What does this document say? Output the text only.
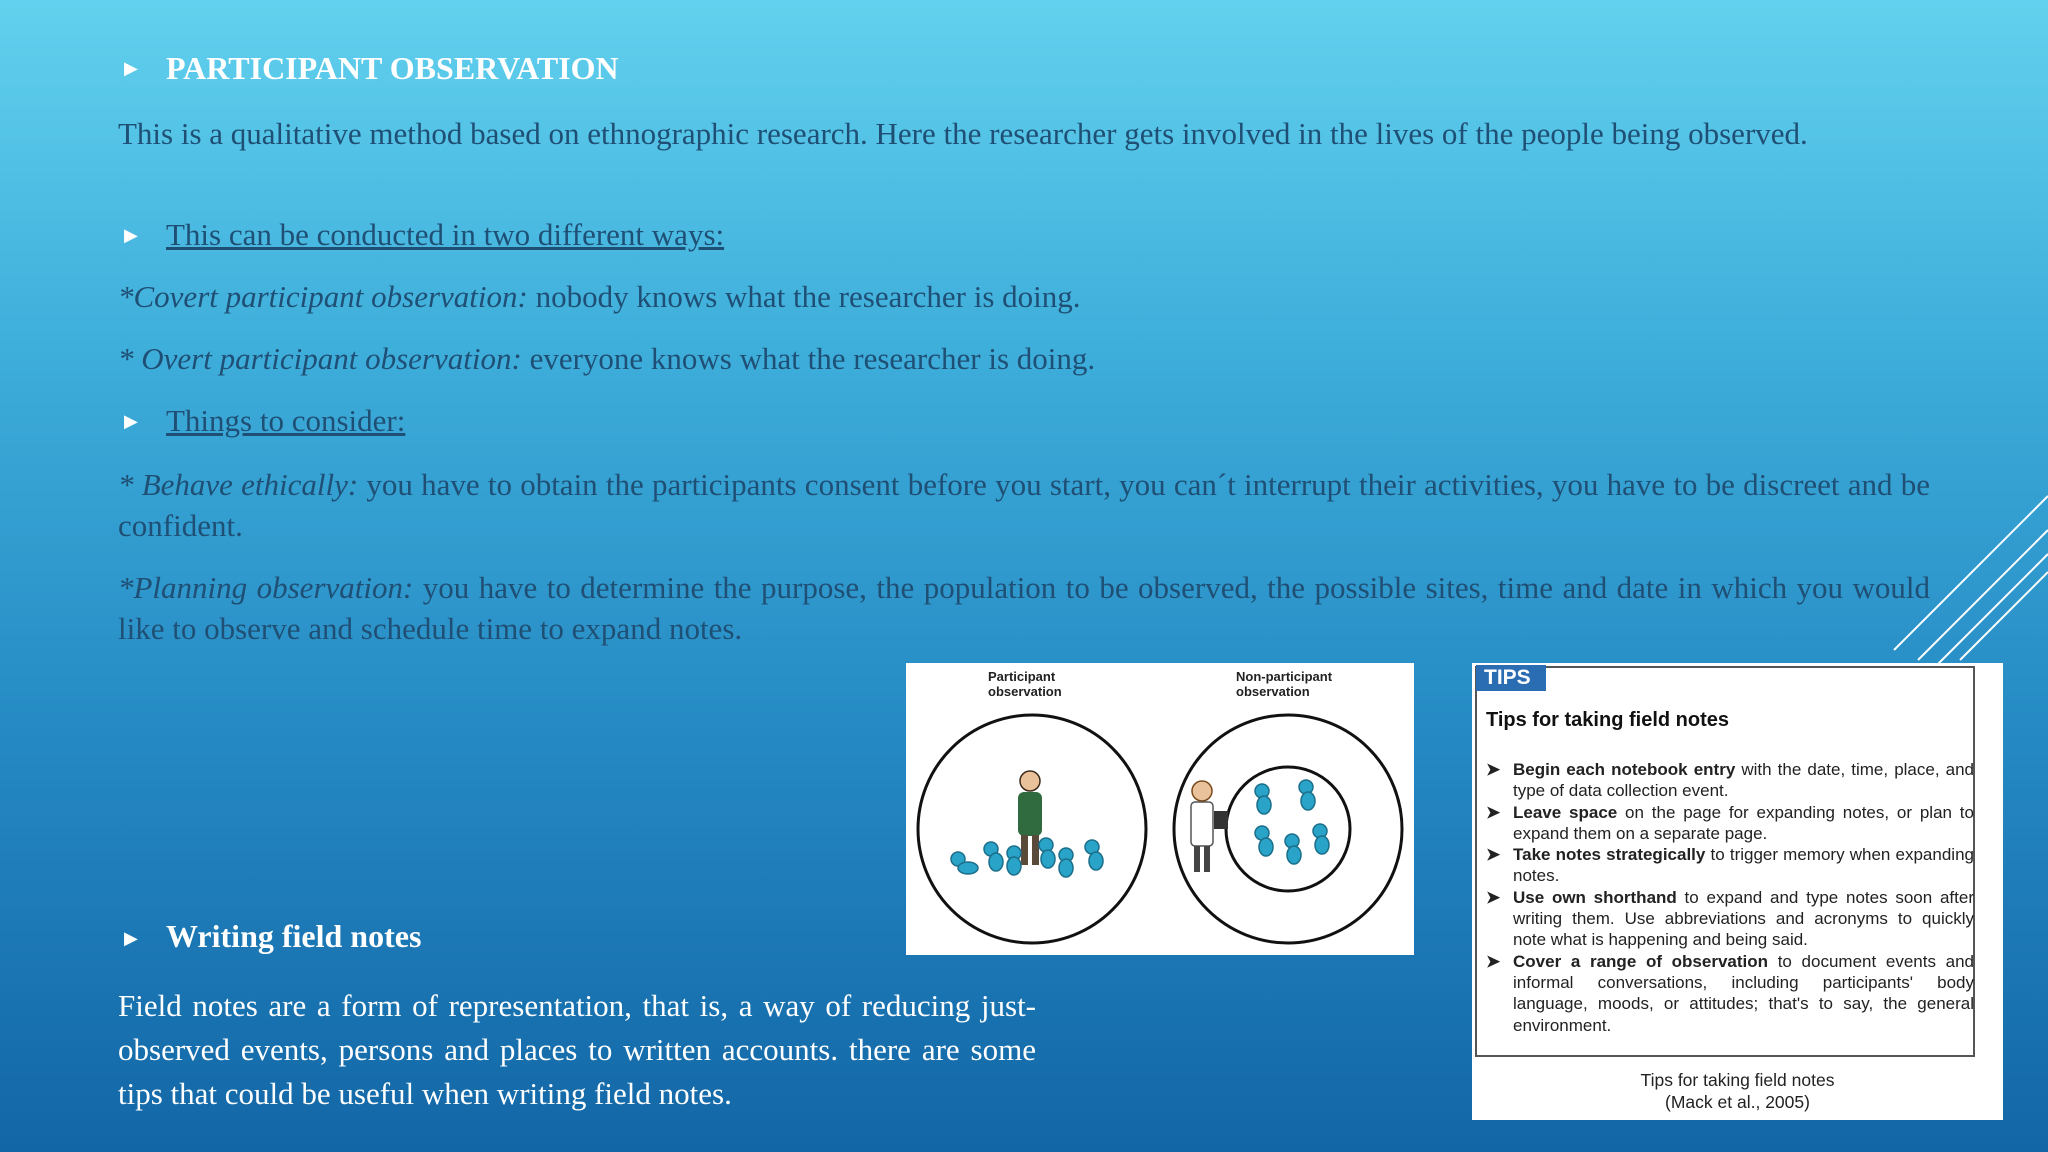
▶ PARTICIPANT OBSERVATION
This is a qualitative method based on ethnographic research. Here the researcher gets involved in the lives of the people being observed.
▶ This can be conducted in two different ways:
*Covert participant observation: nobody knows what the researcher is doing.
* Overt participant observation: everyone knows what the researcher is doing.
▶ Things to consider:
* Behave ethically: you have to obtain the participants consent before you start, you can´t interrupt their activities, you have to be discreet and be confident.
*Planning observation: you have to determine the purpose, the population to be observed, the possible sites, time and date in which you would like to observe and schedule time to expand notes.
Participant observation
Non-participant observation
▶ Writing field notes
Field notes are a form of representation, that is, a way of reducing just-observed events, persons and places to written accounts. there are some tips that could be useful when writing field notes.
TIPS
Tips for taking field notes
➤ Begin each notebook entry with the date, time, place, and type of data collection event.
➤ Leave space on the page for expanding notes, or plan to expand them on a separate page.
➤ Take notes strategically to trigger memory when expanding notes.
➤ Use own shorthand to expand and type notes soon after writing them. Use abbreviations and acronyms to quickly note what is happening and being said.
➤ Cover a range of observation to document events and informal conversations, including participants' body language, moods, or attitudes; that's to say, the general environment.
Tips for taking field notes
(Mack et al., 2005)
